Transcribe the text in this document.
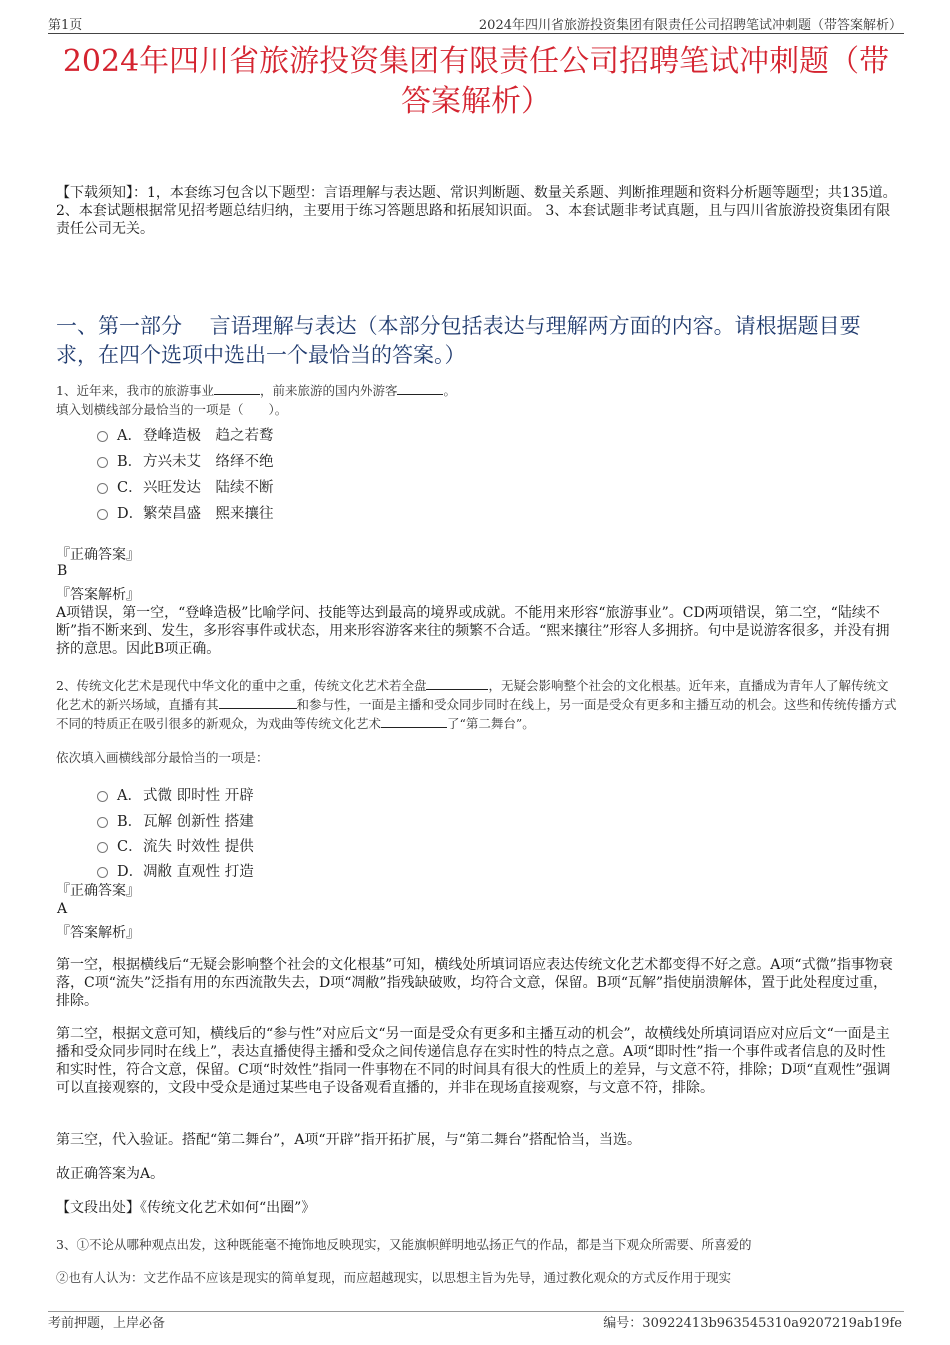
第1页	2024年四川省旅游投资集团有限责任公司招聘笔试冲刺题（带答案解析）
2024年四川省旅游投资集团有限责任公司招聘笔试冲刺题（带答案解析）
【下载须知】：1，本套练习包含以下题型：言语理解与表达题、常识判断题、数量关系题、判断推理题和资料分析题等题型；共135道。 2、本套试题根据常见招考题总结归纳，主要用于练习答题思路和拓展知识面。 3、本套试题非考试真题，且与四川省旅游投资集团有限责任公司无关。
一、第一部分　 言语理解与表达（本部分包括表达与理解两方面的内容。请根据题目要求，在四个选项中选出一个最恰当的答案。）
1、近年来，我市的旅游事业	，前来旅游的国内外游客	。
填入划横线部分最恰当的一项是（　　）。
A． 登峰造极　趋之若鹜
B． 方兴未艾　络绎不绝
C． 兴旺发达　陆续不断
D． 繁荣昌盛　熙来攘往
『正确答案』
B
『答案解析』
A项错误，第一空，“登峰造极”比喻学问、技能等达到最高的境界或成就。不能用来形容“旅游事业”。CD两项错误，第二空，“陆续不断”指不断来到、发生，多形容事件或状态，用来形容游客来往的频繁不合适。“熙来攘往”形容人多拥挤。句中是说游客很多，并没有拥挤的意思。因此B项正确。
2、传统文化艺术是现代中华文化的重中之重，传统文化艺术若全盘	，无疑会影响整个社会的文化根基。近年来，直播成为青年人了解传统文化艺术的新兴场域，直播有其	和参与性，一面是主播和受众同步同时在线上，另一面是受众有更多和主播互动的机会。这些和传统传播方式不同的特质正在吸引很多的新观众，为戏曲等传统文化艺术	了“第二舞台”。
依次填入画横线部分最恰当的一项是：
A． 式微 即时性 开辟
B． 瓦解 创新性 搭建
C． 流失 时效性 提供
D． 凋敝 直观性 打造
『正确答案』
A
『答案解析』
第一空，根据横线后“无疑会影响整个社会的文化根基”可知，横线处所填词语应表达传统文化艺术都变得不好之意。A项“式微”指事物衰落，C项“流失”泛指有用的东西流散失去，D项“凋敝”指残缺破败，均符合文意，保留。B项“瓦解”指使崩溃解体，置于此处程度过重，排除。
第二空，根据文意可知，横线后的“参与性”对应后文“另一面是受众有更多和主播互动的机会”，故横线处所填词语应对应后文“一面是主播和受众同步同时在线上”，表达直播使得主播和受众之间传递信息存在实时性的特点之意。A项“即时性”指一个事件或者信息的及时性和实时性，符合文意，保留。C项“时效性”指同一件事物在不同的时间具有很大的性质上的差异，与文意不符，排除；D项“直观性”强调可以直接观察的，文段中受众是通过某些电子设备观看直播的，并非在现场直接观察，与文意不符，排除。
第三空，代入验证。搭配“第二舞台”，A项“开辟”指开拓扩展，与“第二舞台”搭配恰当，当选。
故正确答案为A。
【文段出处】《传统文化艺术如何“出圈”》
3、①不论从哪种观点出发，这种既能毫不掩饰地反映现实，又能旗帜鲜明地弘扬正气的作品，都是当下观众所需要、所喜爱的
②也有人认为：文艺作品不应该是现实的简单复现，而应超越现实，以思想主旨为先导，通过教化观众的方式反作用于现实
考前押题，上岸必备	编号：30922413b963545310a9207219ab19fe
